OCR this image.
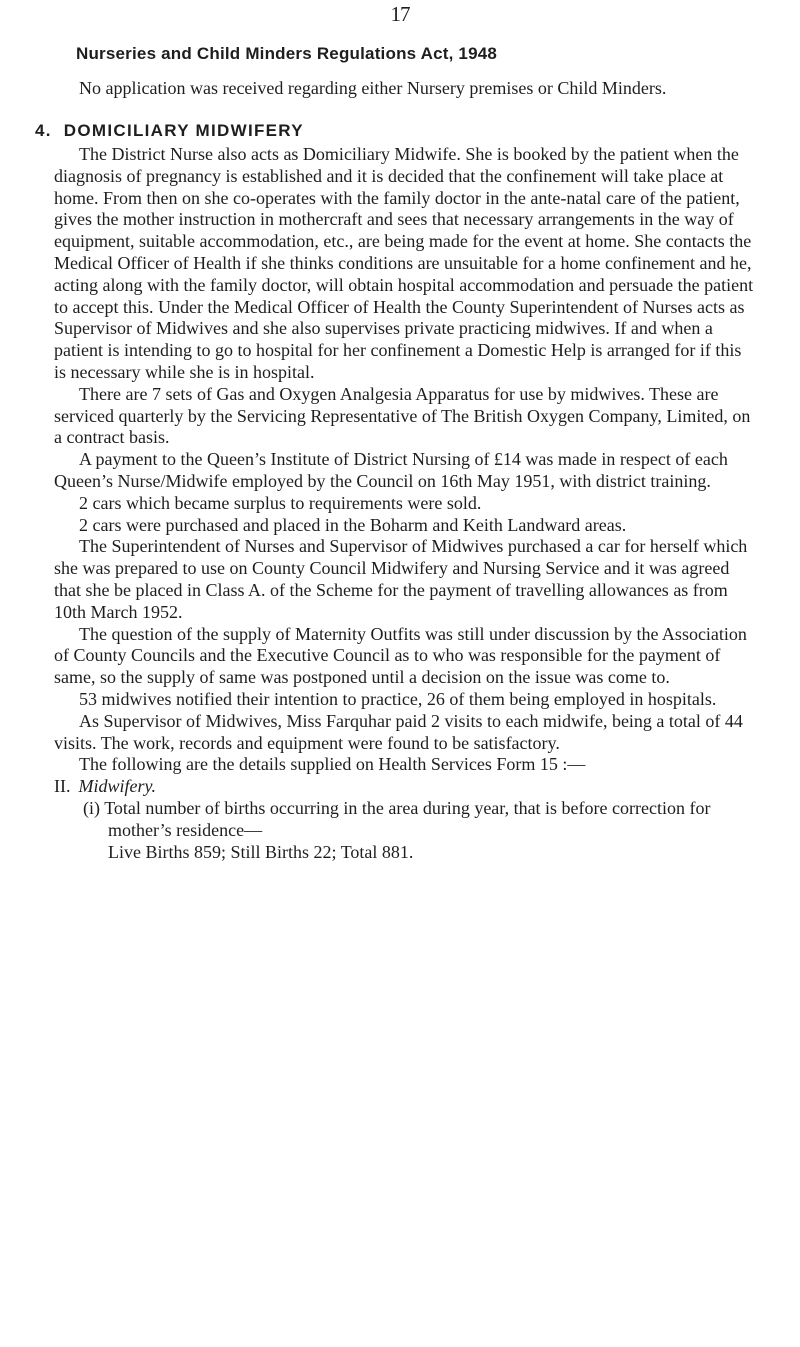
17
Nurseries and Child Minders Regulations Act, 1948

No application was received regarding either Nursery premises or Child Minders.

4. DOMICILIARY MIDWIFERY

The District Nurse also acts as Domiciliary Midwife. She is booked by the patient when the diagnosis of pregnancy is established and it is decided that the confinement will take place at home. From then on she co-operates with the family doctor in the ante-natal care of the patient, gives the mother instruction in mothercraft and sees that necessary arrangements in the way of equipment, suitable accommodation, etc., are being made for the event at home. She contacts the Medical Officer of Health if she thinks conditions are unsuitable for a home confinement and he, acting along with the family doctor, will obtain hospital accommodation and persuade the patient to accept this. Under the Medical Officer of Health the County Superintendent of Nurses acts as Supervisor of Midwives and she also supervises private practicing midwives. If and when a patient is intending to go to hospital for her confinement a Domestic Help is arranged for if this is necessary while she is in hospital.

There are 7 sets of Gas and Oxygen Analgesia Apparatus for use by midwives. These are serviced quarterly by the Servicing Representative of The British Oxygen Company, Limited, on a contract basis.

A payment to the Queen’s Institute of District Nursing of £14 was made in respect of each Queen’s Nurse/Midwife employed by the Council on 16th May 1951, with district training.

2 cars which became surplus to requirements were sold.

2 cars were purchased and placed in the Boharm and Keith Landward areas.

The Superintendent of Nurses and Supervisor of Midwives purchased a car for herself which she was prepared to use on County Council Midwifery and Nursing Service and it was agreed that she be placed in Class A. of the Scheme for the payment of travelling allowances as from 10th March 1952.

The question of the supply of Maternity Outfits was still under discussion by the Association of County Councils and the Executive Council as to who was responsible for the payment of same, so the supply of same was postponed until a decision on the issue was come to.

53 midwives notified their intention to practice, 26 of them being employed in hospitals.

As Supervisor of Midwives, Miss Farquhar paid 2 visits to each midwife, being a total of 44 visits. The work, records and equipment were found to be satisfactory.

The following are the details supplied on Health Services Form 15 :—

II. Midwifery.

(i) Total number of births occurring in the area during year, that is before correction for mother’s residence—
Live Births 859; Still Births 22; Total 881.
